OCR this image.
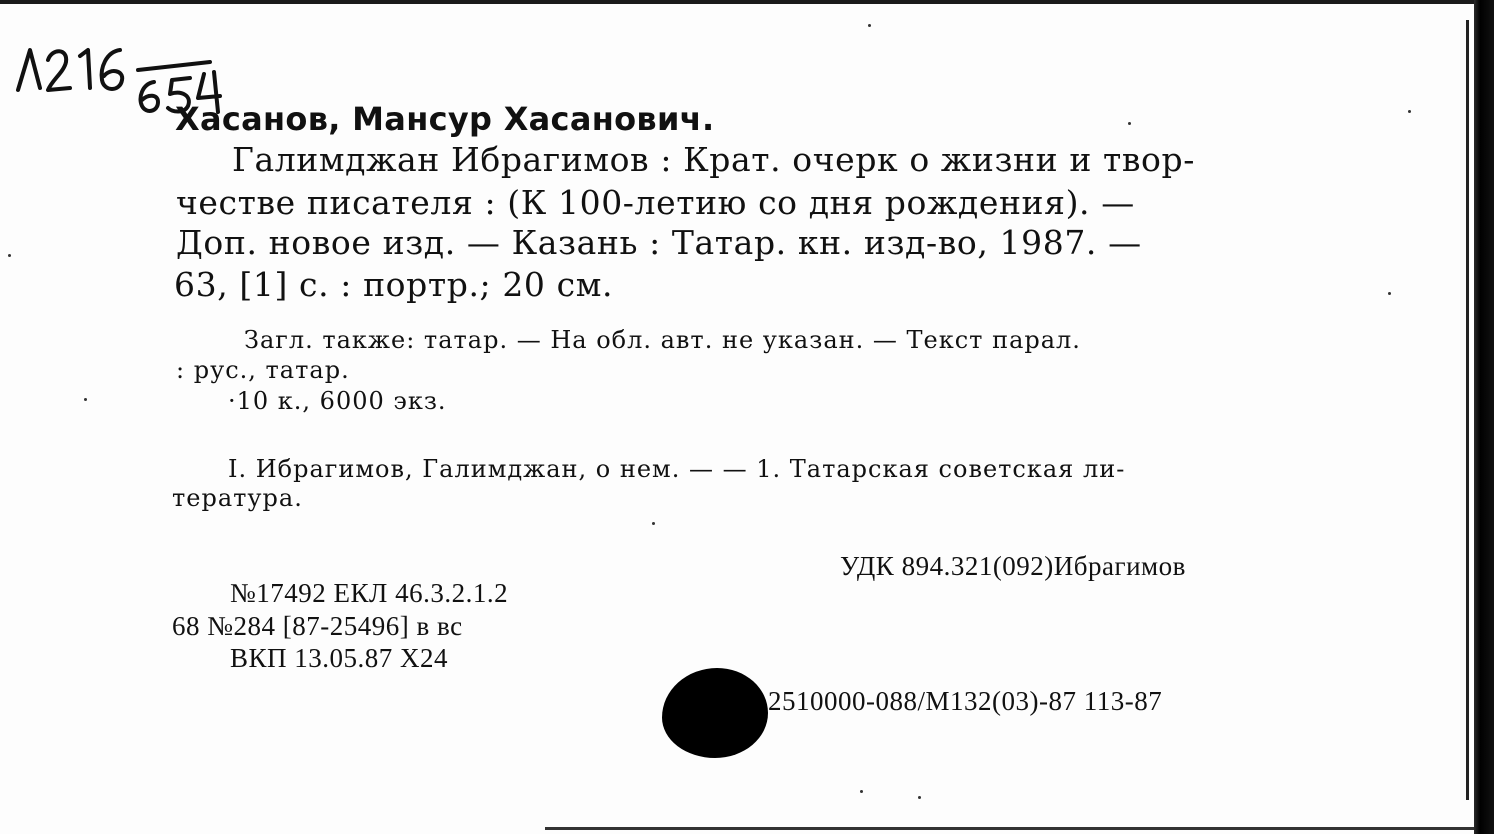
Хасанов, Мансур Хасанович.

Галимджан Ибрагимов : Крат. очерк о жизни и твор-

честве писателя : (К 100-летию со дня рождения). —

Доп. новое изд. — Казань : Татар. кн. изд-во, 1987. —

63, [1] с. : портр.; 20 см.

Загл. также: татар. — На обл. авт. не указан. — Текст парал.

: рус., татар.

·10 к., 6000 экз.

I. Ибрагимов, Галимджан, о нем. — — 1. Татарская советская ли-

тература.

УДК 894.321(092)Ибрагимов

№17492 ЕКЛ 46.3.2.1.2

68 №284 [87-25496] в вс

ВКП 13.05.87 Х24

2510000-088/М132(03)-87 113-87
